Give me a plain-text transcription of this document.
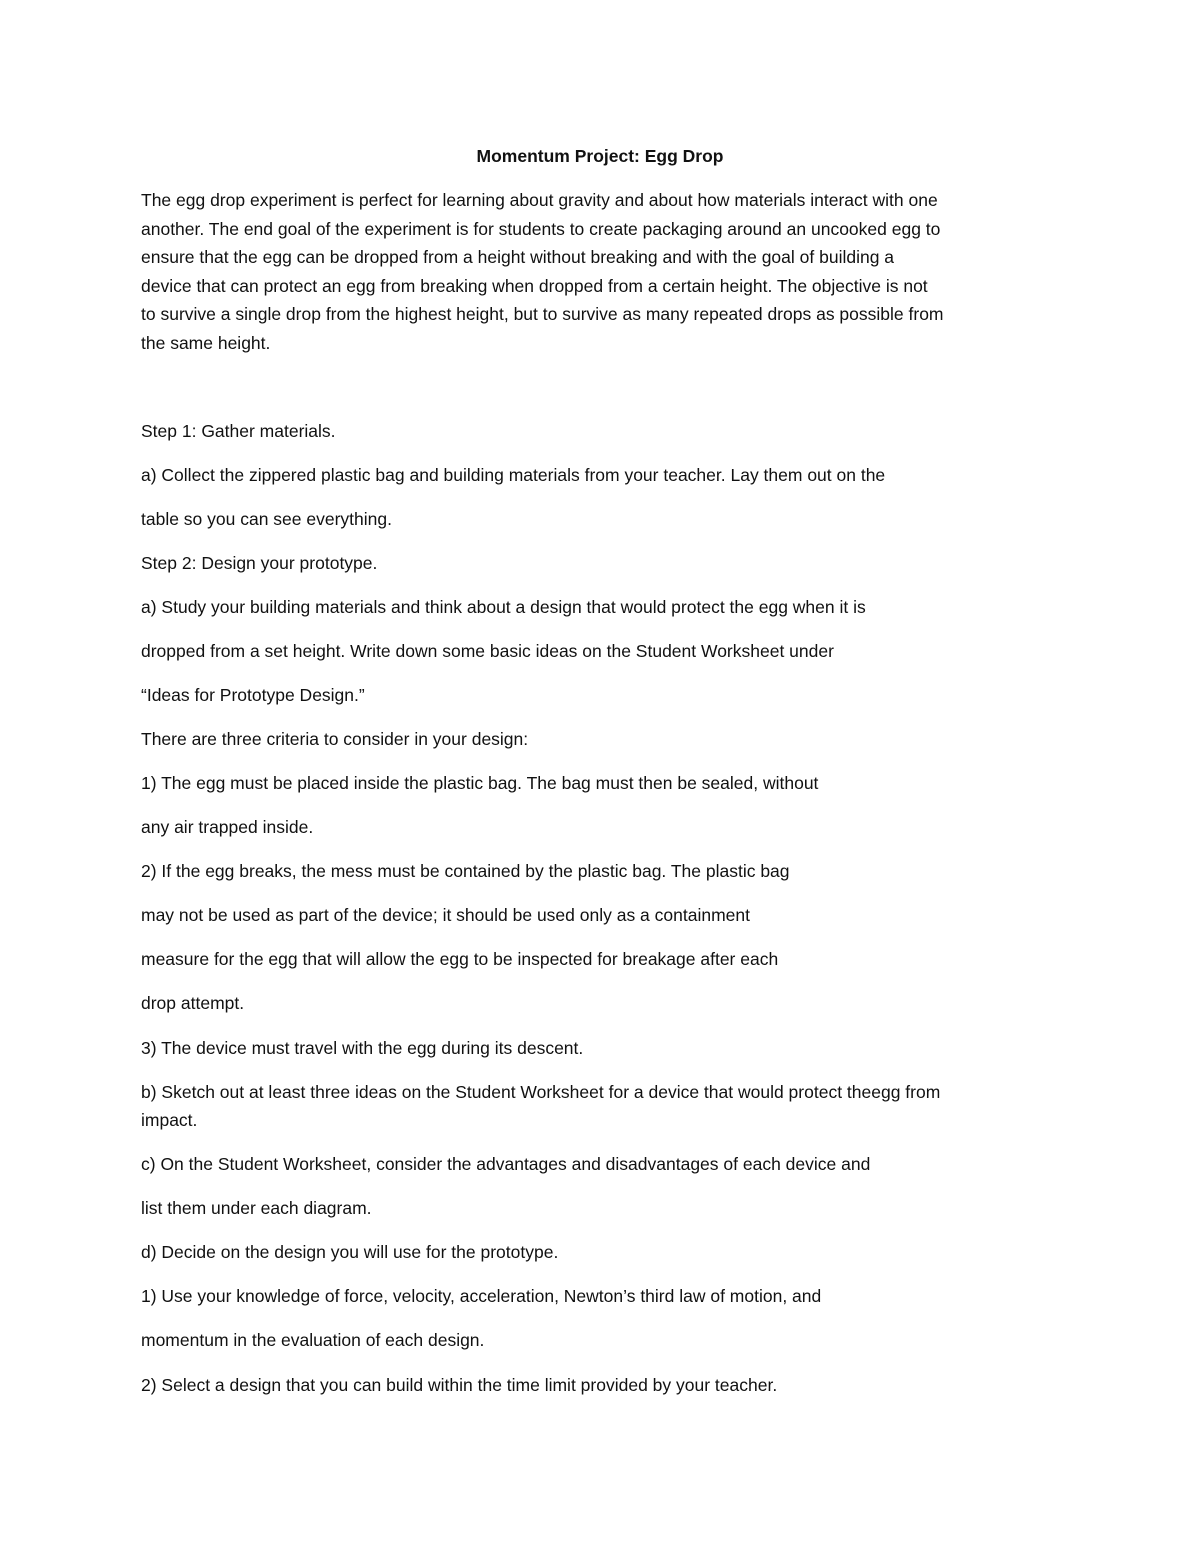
Momentum Project: Egg Drop
The egg drop experiment is perfect for learning about gravity and about how materials interact with one
another. The end goal of the experiment is for students to create packaging around an uncooked egg to
ensure that the egg can be dropped from a height without breaking and with the goal of building a
device that can protect an egg from breaking when dropped from a certain height. The objective is not
to survive a single drop from the highest height, but to survive as many repeated drops as possible from
the same height.
Step 1: Gather materials.
a) Collect the zippered plastic bag and building materials from your teacher. Lay them out on the
table so you can see everything.
Step 2: Design your prototype.
a) Study your building materials and think about a design that would protect the egg when it is
dropped from a set height. Write down some basic ideas on the Student Worksheet under
“Ideas for Prototype Design.”
There are three criteria to consider in your design:
1) The egg must be placed inside the plastic bag. The bag must then be sealed, without
any air trapped inside.
2) If the egg breaks, the mess must be contained by the plastic bag. The plastic bag
may not be used as part of the device; it should be used only as a containment
measure for the egg that will allow the egg to be inspected for breakage after each
drop attempt.
3) The device must travel with the egg during its descent.
b) Sketch out at least three ideas on the Student Worksheet for a device that would protect theegg from
impact.
c) On the Student Worksheet, consider the advantages and disadvantages of each device and
list them under each diagram.
d) Decide on the design you will use for the prototype.
1) Use your knowledge of force, velocity, acceleration, Newton’s third law of motion, and
momentum in the evaluation of each design.
2) Select a design that you can build within the time limit provided by your teacher.
